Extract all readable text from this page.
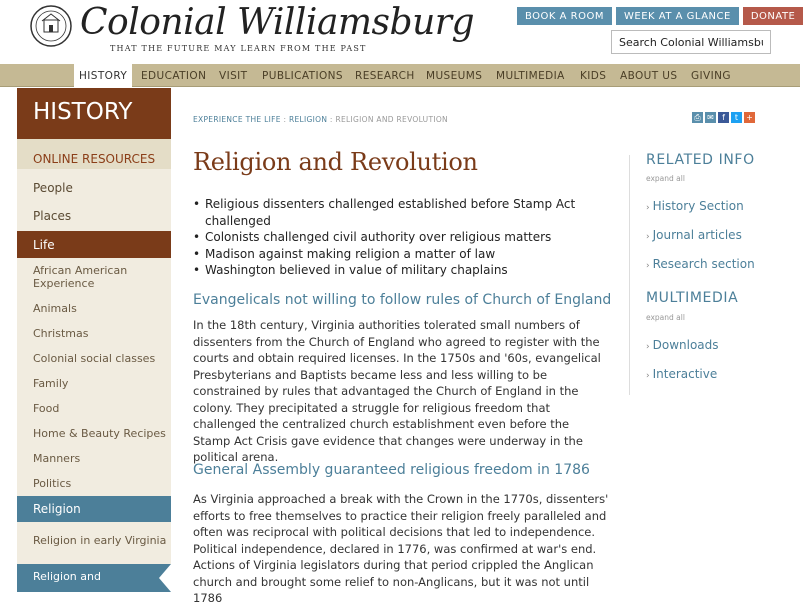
Colonial Williamsburg
THAT THE FUTURE MAY LEARN FROM THE PAST
BOOK A ROOM	WEEK AT A GLANCE	DONATE
Search Colonial Williamsburg
HISTORY	EDUCATION	VISIT	PUBLICATIONS	RESEARCH	MUSEUMS	MULTIMEDIA	KIDS	ABOUT US	GIVING
HISTORY
ONLINE RESOURCES
People
Places
Life
African American Experience
Animals
Christmas
Colonial social classes
Family
Food
Home & Beauty Recipes
Manners
Politics
Religion
Religion in early Virginia
Religion and
EXPERIENCE THE LIFE : RELIGION : RELIGION AND REVOLUTION	⎙ ✉	f	t	+
Religion and Revolution
• Religious dissenters challenged established before Stamp Act challenged
• Colonists challenged civil authority over religious matters
• Madison against making religion a matter of law
• Washington believed in value of military chaplains
Evangelicals not willing to follow rules of Church of England
In the 18th century, Virginia authorities tolerated small numbers of dissenters from the Church of England who agreed to register with the courts and obtain required licenses. In the 1750s and '60s, evangelical Presbyterians and Baptists became less and less willing to be constrained by rules that advantaged the Church of England in the colony. They precipitated a struggle for religious freedom that challenged the centralized church establishment even before the Stamp Act Crisis gave evidence that changes were underway in the political arena.
General Assembly guaranteed religious freedom in 1786
As Virginia approached a break with the Crown in the 1770s, dissenters' efforts to free themselves to practice their religion freely paralleled and often was reciprocal with political decisions that led to independence. Political independence, declared in 1776, was confirmed at war's end. Actions of Virginia legislators during that period crippled the Anglican church and brought some relief to non-Anglicans, but it was not until 1786
RELATED INFO
expand all
› History Section
› Journal articles
› Research section
MULTIMEDIA
expand all
› Downloads
› Interactive
